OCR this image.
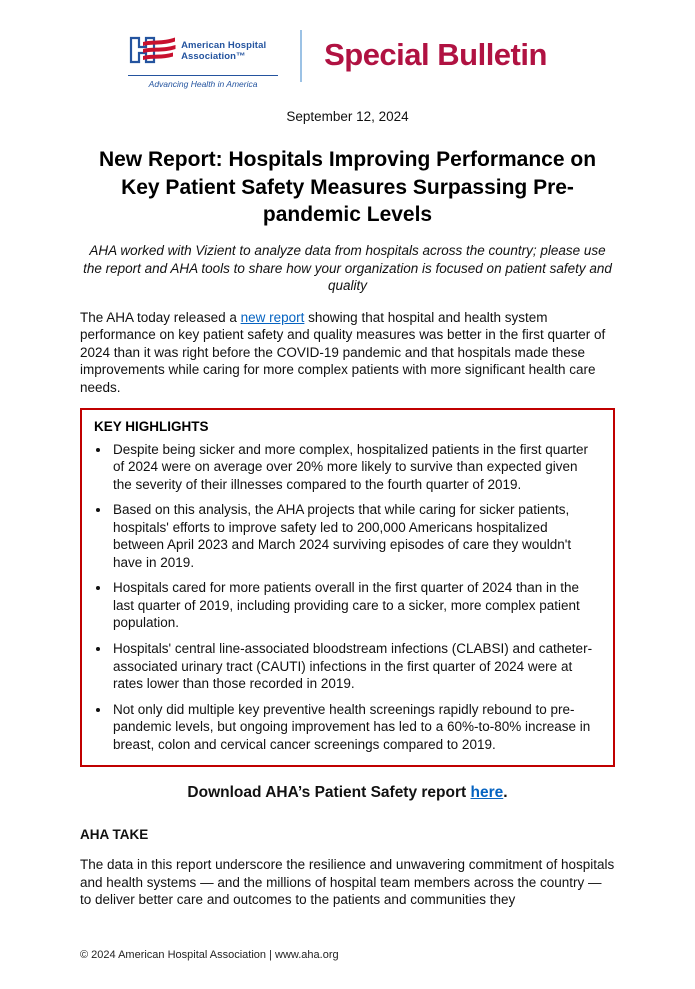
American Hospital
Association™
Advancing Health in America
Special Bulletin
September 12, 2024
New Report: Hospitals Improving Performance on Key Patient Safety Measures Surpassing Pre-pandemic Levels

AHA worked with Vizient to analyze data from hospitals across the country; please use the report and AHA tools to share how your organization is focused on patient safety and quality

The AHA today released a new report showing that hospital and health system performance on key patient safety and quality measures was better in the first quarter of 2024 than it was right before the COVID-19 pandemic and that hospitals made these improvements while caring for more complex patients with more significant health care needs.

KEY HIGHLIGHTS
• Despite being sicker and more complex, hospitalized patients in the first quarter of 2024 were on average over 20% more likely to survive than expected given the severity of their illnesses compared to the fourth quarter of 2019.
• Based on this analysis, the AHA projects that while caring for sicker patients, hospitals' efforts to improve safety led to 200,000 Americans hospitalized between April 2023 and March 2024 surviving episodes of care they wouldn't have in 2019.
• Hospitals cared for more patients overall in the first quarter of 2024 than in the last quarter of 2019, including providing care to a sicker, more complex patient population.
• Hospitals' central line-associated bloodstream infections (CLABSI) and catheter-associated urinary tract (CAUTI) infections in the first quarter of 2024 were at rates lower than those recorded in 2019.
• Not only did multiple key preventive health screenings rapidly rebound to pre-pandemic levels, but ongoing improvement has led to a 60%-to-80% increase in breast, colon and cervical cancer screenings compared to 2019.

Download AHA’s Patient Safety report here.

AHA TAKE

The data in this report underscore the resilience and unwavering commitment of hospitals and health systems — and the millions of hospital team members across the country — to deliver better care and outcomes to the patients and communities they

© 2024 American Hospital Association | www.aha.org
